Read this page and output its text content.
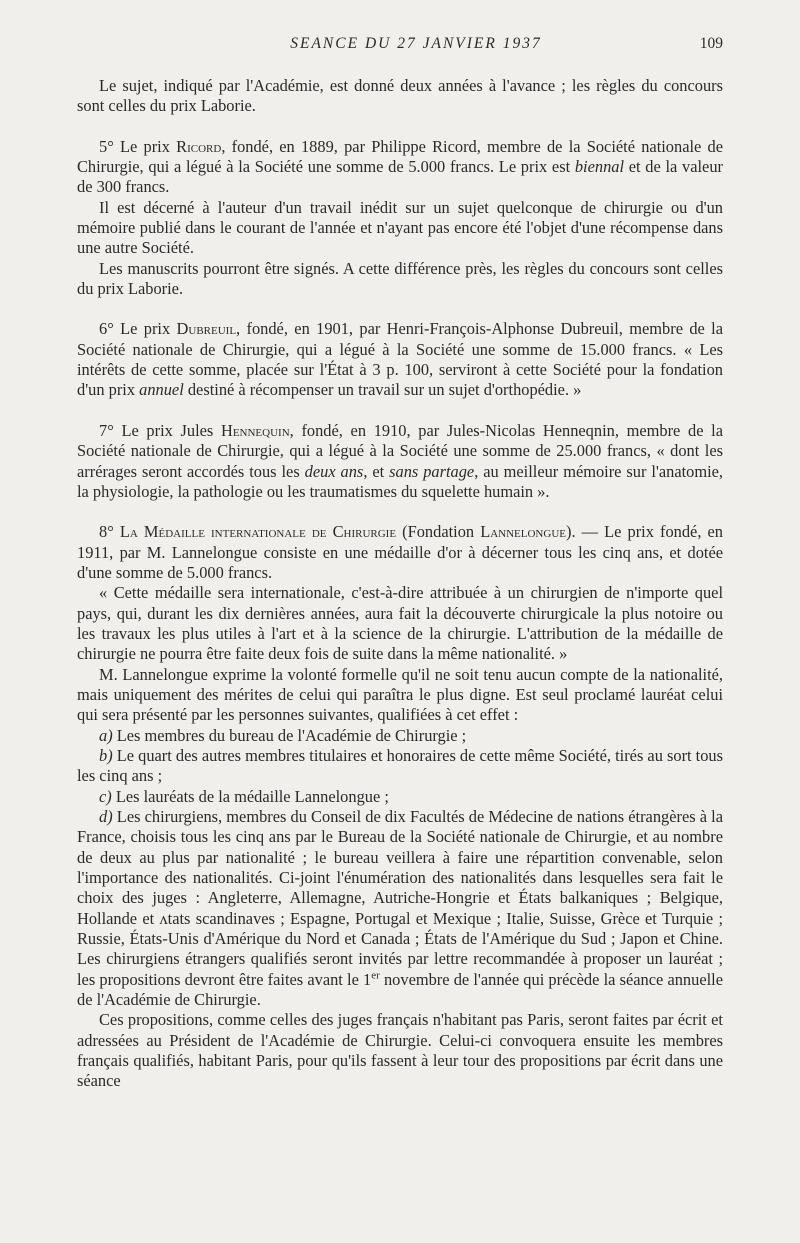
SEANCE DU 27 JANVIER 1937	109

Le sujet, indiqué par l'Académie, est donné deux années à l'avance ; les règles du concours sont celles du prix Laborie.

5° Le prix Ricord, fondé, en 1889, par Philippe Ricord, membre de la Société nationale de Chirurgie, qui a légué à la Société une somme de 5.000 francs. Le prix est biennal et de la valeur de 300 francs.

Il est décerné à l'auteur d'un travail inédit sur un sujet quelconque de chirurgie ou d'un mémoire publié dans le courant de l'année et n'ayant pas encore été l'objet d'une récompense dans une autre Société.

Les manuscrits pourront être signés. A cette différence près, les règles du concours sont celles du prix Laborie.

6° Le prix Dubreuil, fondé, en 1901, par Henri-François-Alphonse Dubreuil, membre de la Société nationale de Chirurgie, qui a légué à la Société une somme de 15.000 francs. « Les intérêts de cette somme, placée sur l'État à 3 p. 100, serviront à cette Société pour la fondation d'un prix annuel destiné à récompenser un travail sur un sujet d'orthopédie. »

7° Le prix Jules Hennequin, fondé, en 1910, par Jules-Nicolas Henneqnin, membre de la Société nationale de Chirurgie, qui a légué à la Société une somme de 25.000 francs, « dont les arrérages seront accordés tous les deux ans, et sans partage, au meilleur mémoire sur l'anatomie, la physiologie, la pathologie ou les traumatismes du squelette humain ».

8° La Médaille internationale de Chirurgie (Fondation Lannelongue). — Le prix fondé, en 1911, par M. Lannelongue consiste en une médaille d'or à décerner tous les cinq ans, et dotée d'une somme de 5.000 francs.

« Cette médaille sera internationale, c'est-à-dire attribuée à un chirurgien de n'importe quel pays, qui, durant les dix dernières années, aura fait la découverte chirurgicale la plus notoire ou les travaux les plus utiles à l'art et à la science de la chirurgie. L'attribution de la médaille de chirurgie ne pourra être faite deux fois de suite dans la même nationalité. »

M. Lannelongue exprime la volonté formelle qu'il ne soit tenu aucun compte de la nationalité, mais uniquement des mérites de celui qui paraîtra le plus digne. Est seul proclamé lauréat celui qui sera présenté par les personnes suivantes, qualifiées à cet effet :

a) Les membres du bureau de l'Académie de Chirurgie ;

b) Le quart des autres membres titulaires et honoraires de cette même Société, tirés au sort tous les cinq ans ;

c) Les lauréats de la médaille Lannelongue ;

d) Les chirurgiens, membres du Conseil de dix Facultés de Médecine de nations étrangères à la France, choisis tous les cinq ans par le Bureau de la Société nationale de Chirurgie, et au nombre de deux au plus par nationalité ; le bureau veillera à faire une répartition convenable, selon l'importance des nationalités. Ci-joint l'énumération des nationalités dans lesquelles sera fait le choix des juges : Angleterre, Allemagne, Autriche-Hongrie et États balkaniques ; Belgique, Hollande et ʌtats scandinaves ; Espagne, Portugal et Mexique ; Italie, Suisse, Grèce et Turquie ; Russie, États-Unis d'Amérique du Nord et Canada ; États de l'Amérique du Sud ; Japon et Chine. Les chirurgiens étrangers qualifiés seront invités par lettre recommandée à proposer un lauréat ; les propositions devront être faites avant le 1er novembre de l'année qui précède la séance annuelle de l'Académie de Chirurgie.

Ces propositions, comme celles des juges français n'habitant pas Paris, seront faites par écrit et adressées au Président de l'Académie de Chirurgie. Celui-ci convoquera ensuite les membres français qualifiés, habitant Paris, pour qu'ils fassent à leur tour des propositions par écrit dans une séance
